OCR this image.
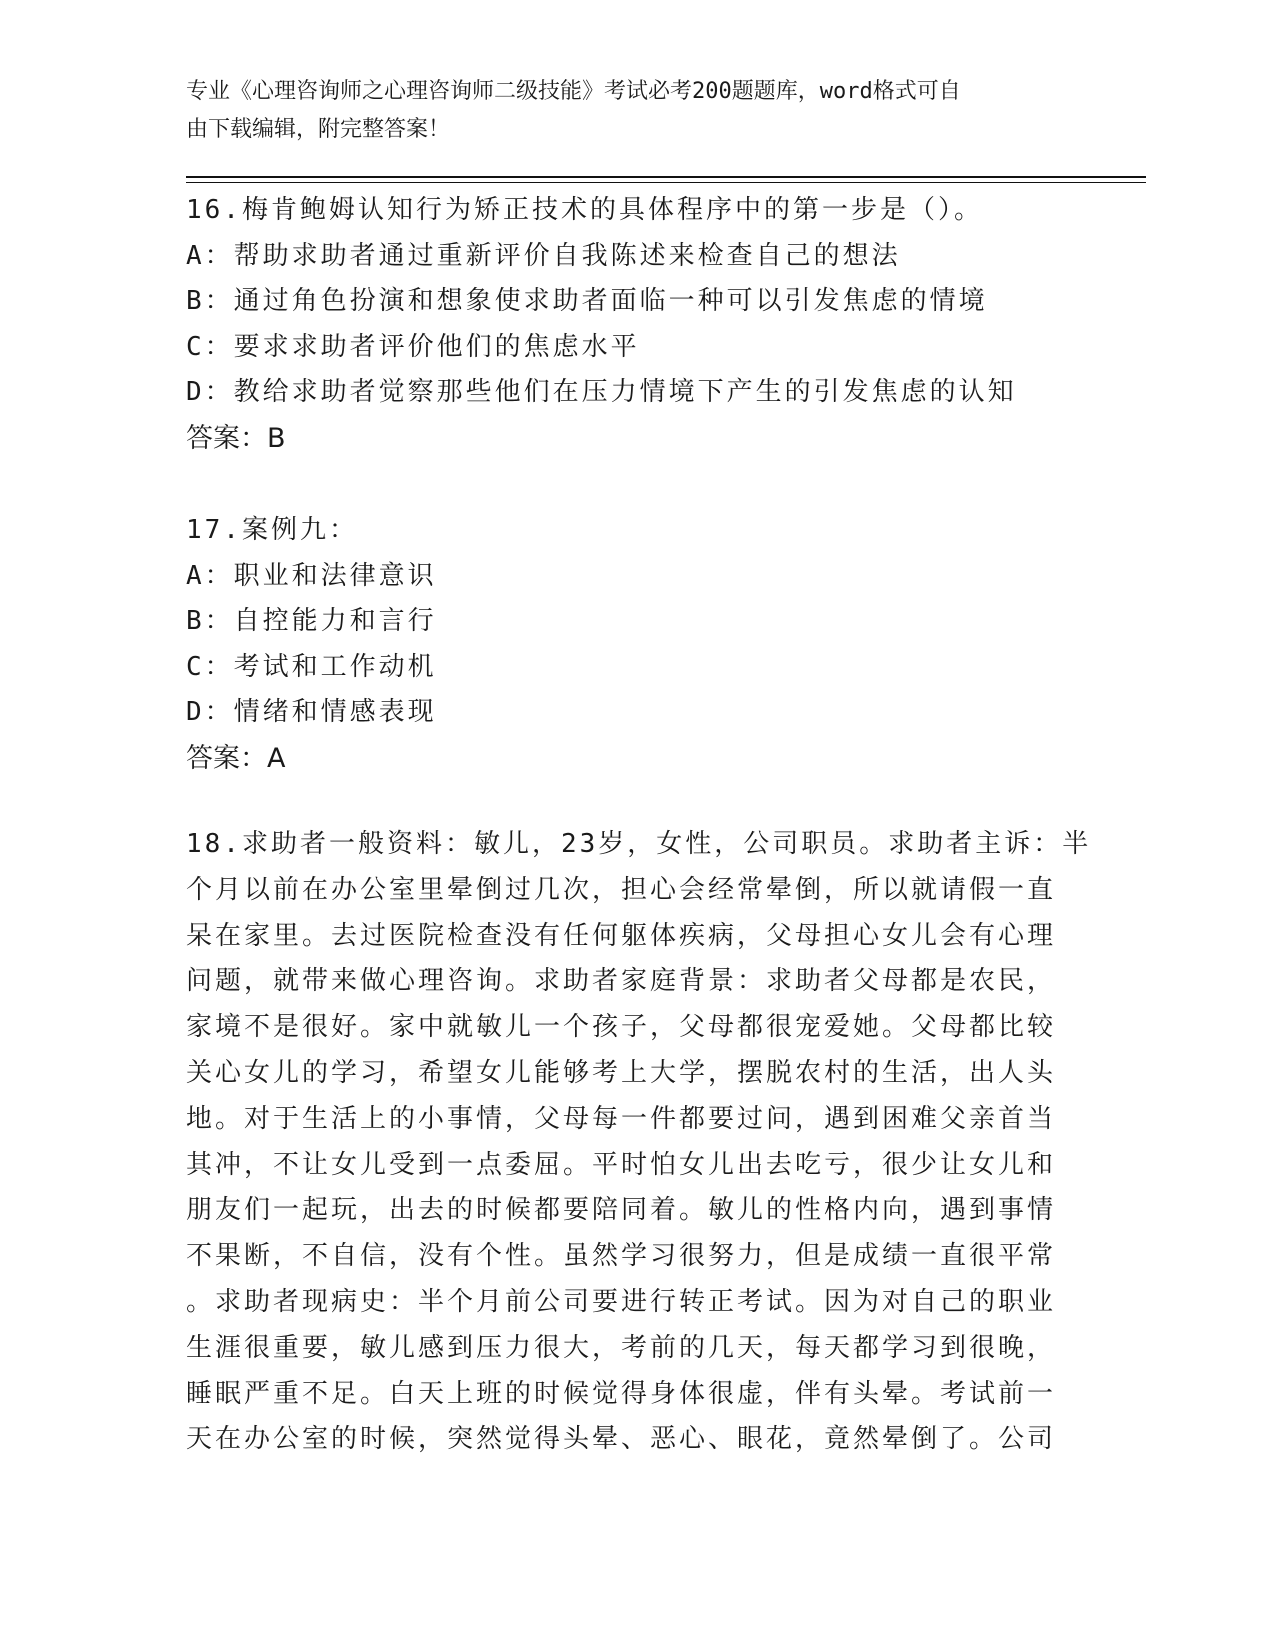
专业《心理咨询师之心理咨询师二级技能》考试必考200题题库，word格式可自
由下载编辑，附完整答案！
16.梅肯鲍姆认知行为矫正技术的具体程序中的第一步是（）。
A：帮助求助者通过重新评价自我陈述来检查自己的想法
B：通过角色扮演和想象使求助者面临一种可以引发焦虑的情境
C：要求求助者评价他们的焦虑水平
D：教给求助者觉察那些他们在压力情境下产生的引发焦虑的认知
答案：B
17.案例九：
A：职业和法律意识
B：自控能力和言行
C：考试和工作动机
D：情绪和情感表现
答案：A
18.求助者一般资料：敏儿，23岁，女性，公司职员。求助者主诉：半
个月以前在办公室里晕倒过几次，担心会经常晕倒，所以就请假一直
呆在家里。去过医院检查没有任何躯体疾病，父母担心女儿会有心理
问题，就带来做心理咨询。求助者家庭背景：求助者父母都是农民，
家境不是很好。家中就敏儿一个孩子，父母都很宠爱她。父母都比较
关心女儿的学习，希望女儿能够考上大学，摆脱农村的生活，出人头
地。对于生活上的小事情，父母每一件都要过问，遇到困难父亲首当
其冲，不让女儿受到一点委屈。平时怕女儿出去吃亏，很少让女儿和
朋友们一起玩，出去的时候都要陪同着。敏儿的性格内向，遇到事情
不果断，不自信，没有个性。虽然学习很努力，但是成绩一直很平常
。求助者现病史：半个月前公司要进行转正考试。因为对自己的职业
生涯很重要，敏儿感到压力很大，考前的几天，每天都学习到很晚，
睡眠严重不足。白天上班的时候觉得身体很虚，伴有头晕。考试前一
天在办公室的时候，突然觉得头晕、恶心、眼花，竟然晕倒了。公司
